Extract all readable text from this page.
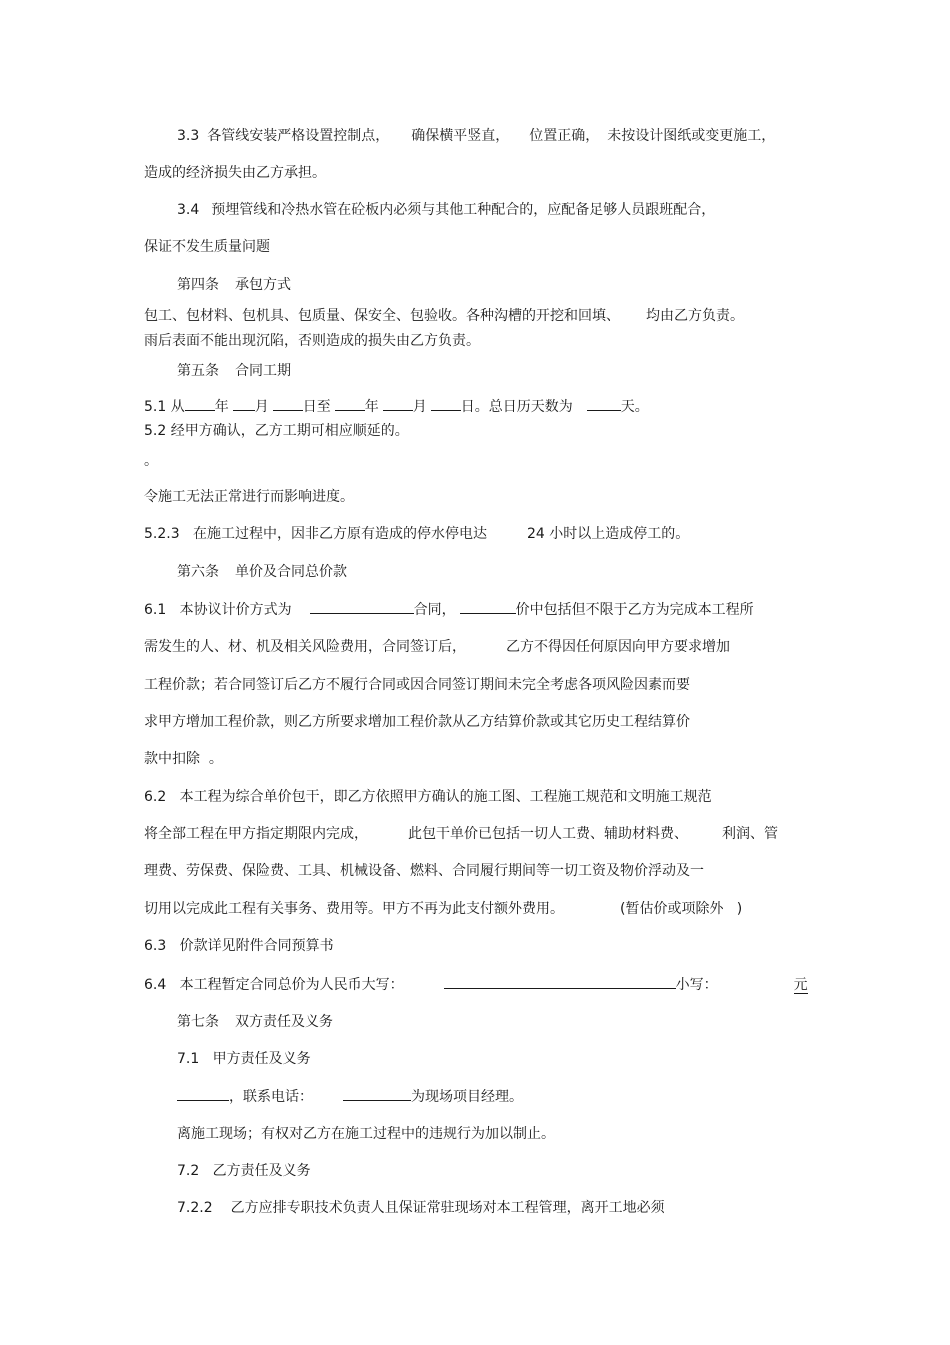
3.3 各管线安装严格设置控制点， 确保横平竖直， 位置正确， 未按设计图纸或变更施工，
造成的经济损失由乙方承担。
3.4 预埋管线和冷热水管在砼板内必须与其他工种配合的，应配备足够人员跟班配合，
保证不发生质量问题
第四条 承包方式
包工、包材料、包机具、包质量、保安全、包验收。各种沟槽的开挖和回填、 均由乙方负责。
雨后表面不能出现沉陷，否则造成的损失由乙方负责。
第五条 合同工期
5.1 从 年 月 日至 年 月 日。总日历天数为	天。
5.2 经甲方确认，乙方工期可相应顺延的。
。
令施工无法正常进行而影响进度。
5.2.3   在施工过程中，因非乙方原有造成的停水停电达	24 小时以上造成停工的。
第六条 单价及合同总价款
6.1   本协议计价方式为	合同，	价中包括但不限于乙方为完成本工程所
需发生的人、材、机及相关风险费用，合同签订后，	乙方不得因任何原因向甲方要求增加
工程价款；若合同签订后乙方不履行合同或因合同签订期间未完全考虑各项风险因素而要
求甲方增加工程价款，则乙方所要求增加工程价款从乙方结算价款或其它历史工程结算价
款中扣除  。
6.2   本工程为综合单价包干，即乙方依照甲方确认的施工图、工程施工规范和文明施工规范
将全部工程在甲方指定期限内完成，	此包干单价已包括一切人工费、辅助材料费、 利润、管
理费、劳保费、保险费、工具、机械设备、燃料、合同履行期间等一切工资及物价浮动及一
切用以完成此工程有关事务、费用等。甲方不再为此支付额外费用。	(暂估价或项除外   )
6.3   价款详见附件合同预算书
6.4   本工程暂定合同总价为人民币大写：	小写：	元
第七条 双方责任及义务
7.1   甲方责任及义务
，联系电话：	为现场项目经理。
离施工现场；有权对乙方在施工过程中的违规行为加以制止。
7.2   乙方责任及义务
7.2.2 乙方应排专职技术负责人且保证常驻现场对本工程管理，离开工地必须
